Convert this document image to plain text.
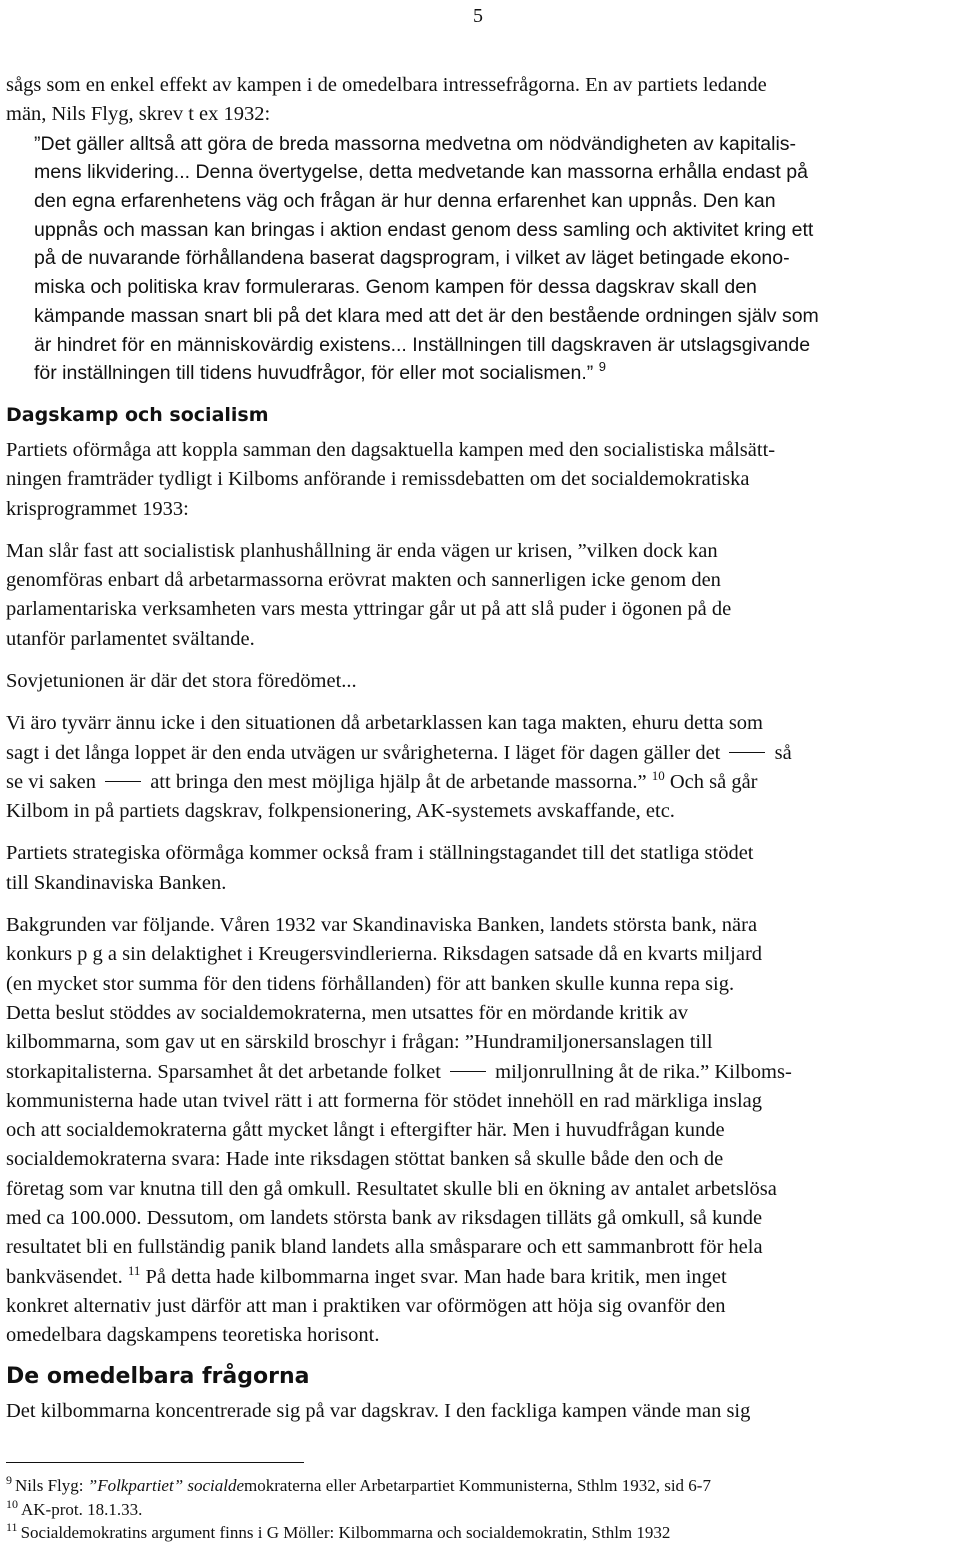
5

sågs som en enkel effekt av kampen i de omedelbara intressefrågorna. En av partiets ledande
män, Nils Flyg, skrev t ex 1932:

”Det gäller alltså att göra de breda massorna medvetna om nödvändigheten av kapitalis-
mens likvidering... Denna övertygelse, detta medvetande kan massorna erhålla endast på
den egna erfarenhetens väg och frågan är hur denna erfarenhet kan uppnås. Den kan
uppnås och massan kan bringas i aktion endast genom dess samling och aktivitet kring ett
på de nuvarande förhållandena baserat dagsprogram, i vilket av läget betingade ekono-
miska och politiska krav formuleraras. Genom kampen för dessa dagskrav skall den
kämpande massan snart bli på det klara med att det är den bestående ordningen själv som
är hindret för en människovärdig existens... Inställningen till dagskraven är utslagsgivande
för inställningen till tidens huvudfrågor, för eller mot socialismen.” $^9$

Dagskamp och socialism

Partiets oförmåga att koppla samman den dagsaktuella kampen med den socialistiska målsätt-
ningen framträder tydligt i Kilboms anförande i remissdebatten om det socialdemokratiska
krisprogrammet 1933:

Man slår fast att socialistisk planhushållning är enda vägen ur krisen, ”vilken dock kan
genomföras enbart då arbetarmassorna erövrat makten och sannerligen icke genom den
parlamentariska verksamheten vars mesta yttringar går ut på att slå puder i ögonen på de
utanför parlamentet svältande.

Sovjetunionen är där det stora föredömet...

Vi äro tyvärr ännu icke i den situationen då arbetarklassen kan taga makten, ehuru detta som
sagt i det långa loppet är den enda utvägen ur svårigheterna. I läget för dagen gäller det	så
se vi saken	att bringa den mest möjliga hjälp åt de arbetande massorna.” $^{10}$ Och så går
Kilbom in på partiets dagskrav, folkpensionering, AK-systemets avskaffande, etc.

Partiets strategiska oförmåga kommer också fram i ställningstagandet till det statliga stödet
till Skandinaviska Banken.

Bakgrunden var följande. Våren 1932 var Skandinaviska Banken, landets största bank, nära
konkurs p g a sin delaktighet i Kreugersvindlerierna. Riksdagen satsade då en kvarts miljard
(en mycket stor summa för den tidens förhållanden) för att banken skulle kunna repa sig.
Detta beslut stöddes av socialdemokraterna, men utsattes för en mördande kritik av
kilbommarna, som gav ut en särskild broschyr i frågan: ”Hundramiljonersanslagen till
storkapitalisterna. Sparsamhet åt det arbetande folket	miljonrullning åt de rika.” Kilboms-
kommunisterna hade utan tvivel rätt i att formerna för stödet innehöll en rad märkliga inslag
och att socialdemokraterna gått mycket långt i eftergifter här. Men i huvudfrågan kunde
socialdemokraterna svara: Hade inte riksdagen stöttat banken så skulle både den och de
företag som var knutna till den gå omkull. Resultatet skulle bli en ökning av antalet arbetslösa
med ca 100.000. Dessutom, om landets största bank av riksdagen tilläts gå omkull, så kunde
resultatet bli en fullständig panik bland landets alla småsparare och ett sammanbrott för hela
bankväsendet. $^{11}$ På detta hade kilbommarna inget svar. Man hade bara kritik, men inget
konkret alternativ just därför att man i praktiken var oförmögen att höja sig ovanför den
omedelbara dagskampens teoretiska horisont.

De omedelbara frågorna

Det kilbommarna koncentrerade sig på var dagskrav. I den fackliga kampen vände man sig

$^9$ Nils Flyg: ”Folkpartiet” socialdemokraterna eller Arbetarpartiet Kommunisterna, Sthlm 1932, sid 6-7
$^{10}$ AK-prot. 18.1.33.
$^{11}$ Socialdemokratins argument finns i G Möller: Kilbommarna och socialdemokratin, Sthlm 1932
